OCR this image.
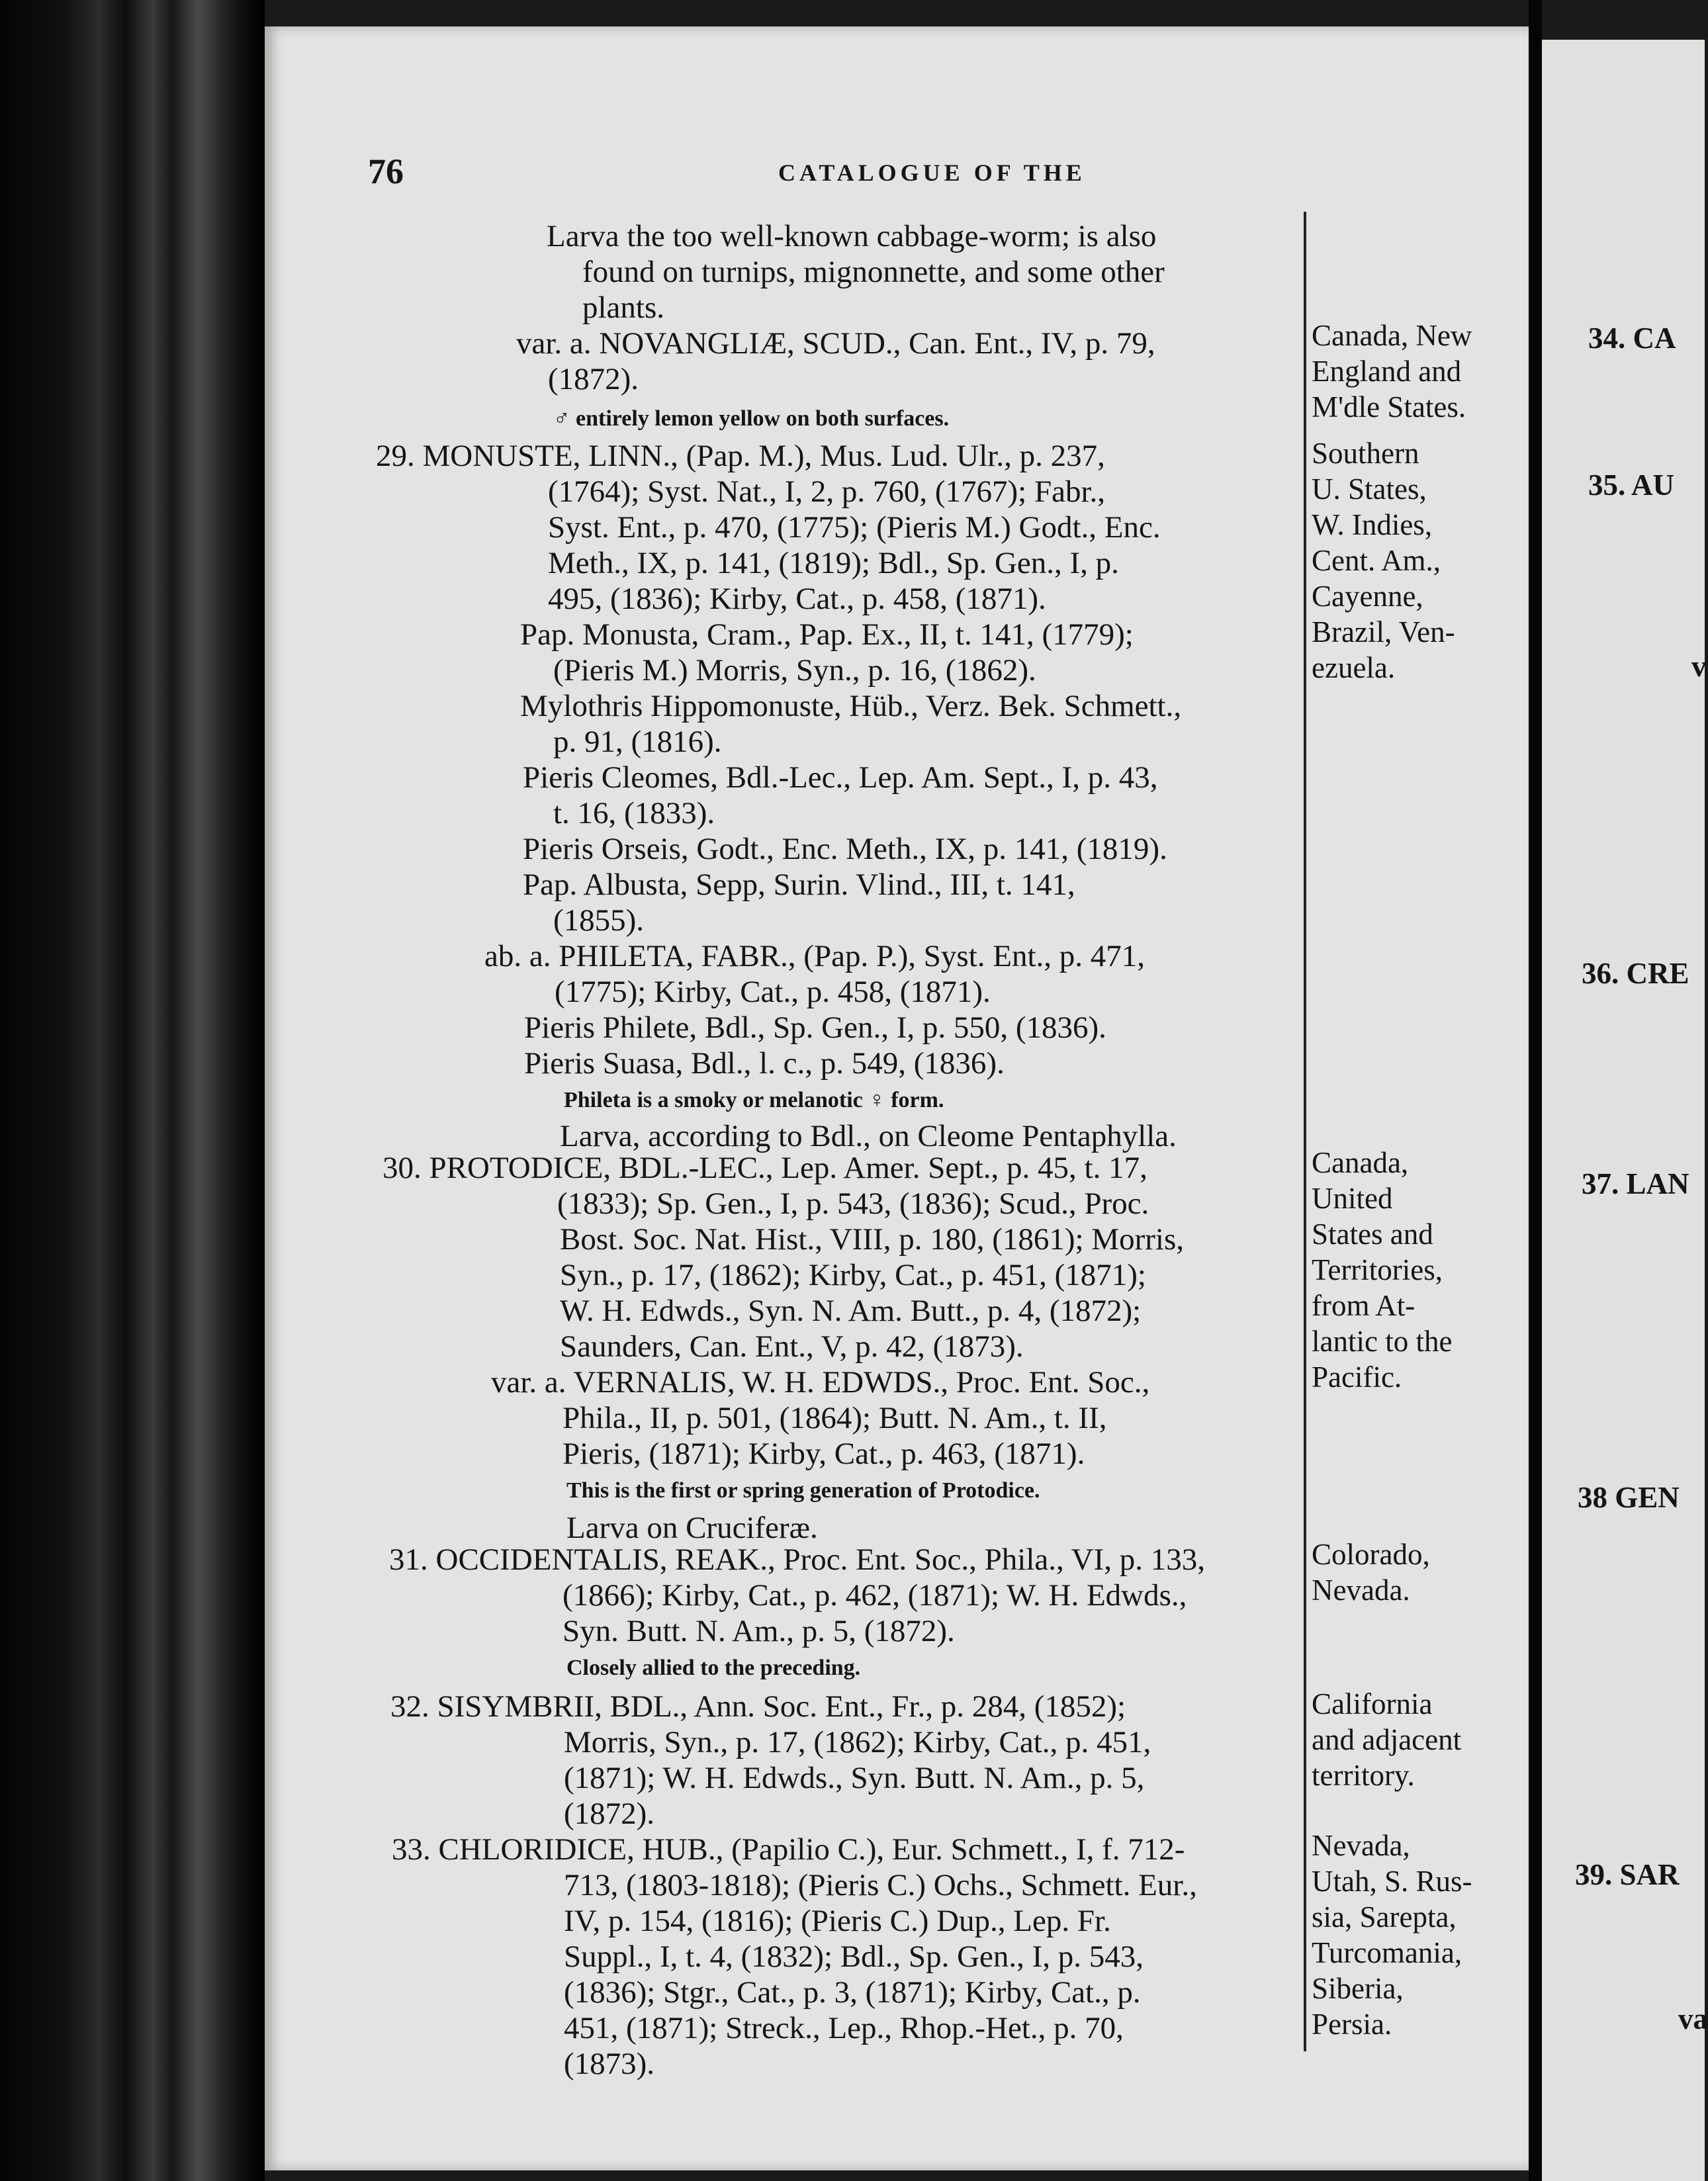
76	CATALOGUE OF THE
Larva the too well-known cabbage-worm; is also
found on turnips, mignonnette, and some other
plants.
var. a. NOVANGLIÆ, SCUD., Can. Ent., IV, p. 79,
(1872).
♂ entirely lemon yellow on both surfaces.
29. MONUSTE, LINN., (Pap. M.), Mus. Lud. Ulr., p. 237,
(1764); Syst. Nat., I, 2, p. 760, (1767); Fabr.,
Syst. Ent., p. 470, (1775); (Pieris M.) Godt., Enc.
Meth., IX, p. 141, (1819); Bdl., Sp. Gen., I, p.
495, (1836); Kirby, Cat., p. 458, (1871).
Pap. Monusta, Cram., Pap. Ex., II, t. 141, (1779);
(Pieris M.) Morris, Syn., p. 16, (1862).
Mylothris Hippomonuste, Hüb., Verz. Bek. Schmett.,
p. 91, (1816).
Pieris Cleomes, Bdl.-Lec., Lep. Am. Sept., I, p. 43,
t. 16, (1833).
Pieris Orseis, Godt., Enc. Meth., IX, p. 141, (1819).
Pap. Albusta, Sepp, Surin. Vlind., III, t. 141,
(1855).
ab. a. PHILETA, FABR., (Pap. P.), Syst. Ent., p. 471,
(1775); Kirby, Cat., p. 458, (1871).
Pieris Philete, Bdl., Sp. Gen., I, p. 550, (1836).
Pieris Suasa, Bdl., l. c., p. 549, (1836).
Phileta is a smoky or melanotic ♀ form.
Larva, according to Bdl., on Cleome Pentaphylla.
30. PROTODICE, BDL.-LEC., Lep. Amer. Sept., p. 45, t. 17,
(1833); Sp. Gen., I, p. 543, (1836); Scud., Proc.
Bost. Soc. Nat. Hist., VIII, p. 180, (1861); Morris,
Syn., p. 17, (1862); Kirby, Cat., p. 451, (1871);
W. H. Edwds., Syn. N. Am. Butt., p. 4, (1872);
Saunders, Can. Ent., V, p. 42, (1873).
var. a. VERNALIS, W. H. EDWDS., Proc. Ent. Soc.,
Phila., II, p. 501, (1864); Butt. N. Am., t. II,
Pieris, (1871); Kirby, Cat., p. 463, (1871).
This is the first or spring generation of Protodice.
Larva on Cruciferæ.
31. OCCIDENTALIS, REAK., Proc. Ent. Soc., Phila., VI, p. 133,
(1866); Kirby, Cat., p. 462, (1871); W. H. Edwds.,
Syn. Butt. N. Am., p. 5, (1872).
Closely allied to the preceding.
32. SISYMBRII, BDL., Ann. Soc. Ent., Fr., p. 284, (1852);
Morris, Syn., p. 17, (1862); Kirby, Cat., p. 451,
(1871); W. H. Edwds., Syn. Butt. N. Am., p. 5,
(1872).
33. CHLORIDICE, HUB., (Papilio C.), Eur. Schmett., I, f. 712-
713, (1803-1818); (Pieris C.) Ochs., Schmett. Eur.,
IV, p. 154, (1816); (Pieris C.) Dup., Lep. Fr.
Suppl., I, t. 4, (1832); Bdl., Sp. Gen., I, p. 543,
(1836); Stgr., Cat., p. 3, (1871); Kirby, Cat., p.
451, (1871); Streck., Lep., Rhop.-Het., p. 70,
(1873).
Canada, New
England and
M'dle States.
Southern
U. States,
W. Indies,
Cent. Am.,
Cayenne,
Brazil, Ven-
ezuela.
Canada,
United
States and
Territories,
from At-
lantic to the
Pacific.
Colorado,
Nevada.
California
and adjacent
territory.
Nevada,
Utah, S. Rus-
sia, Sarepta,
Turcomania,
Siberia,
Persia.
34. CA
35. AU
36. CRE
37. LAN
38 GEN
39. SAR
va
v
